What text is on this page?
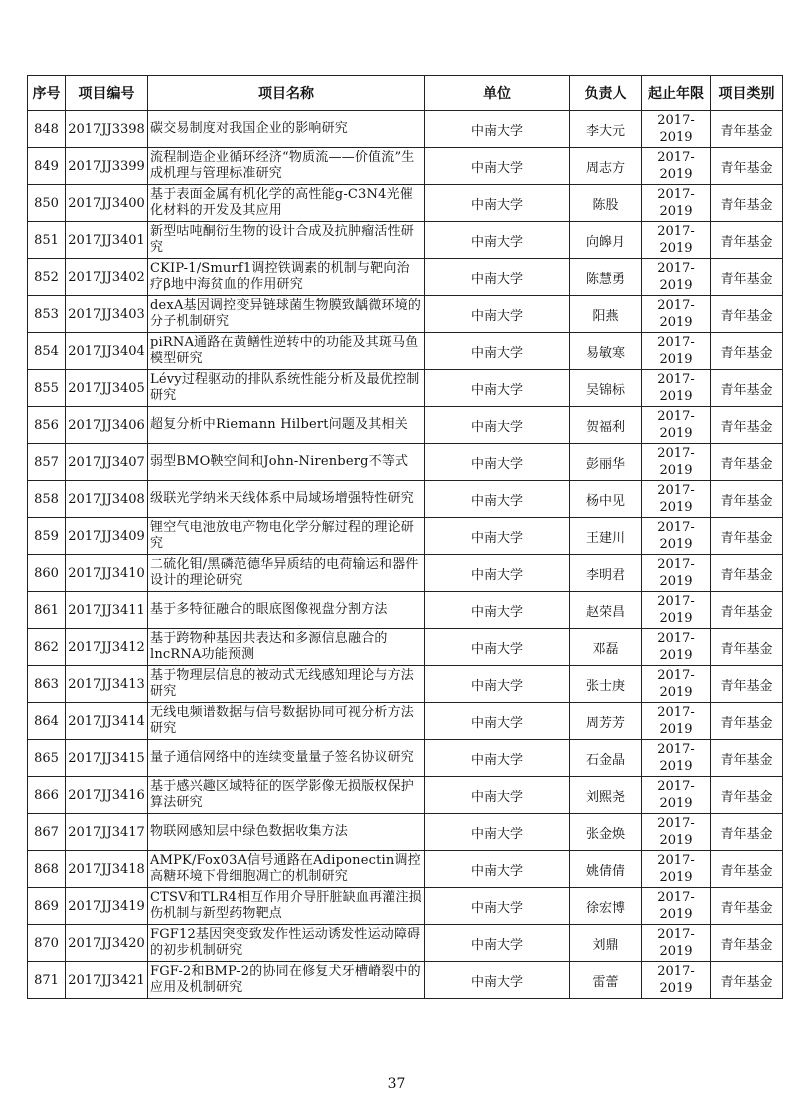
序号	项目编号	项目名称	单位	负责人	起止年限	项目类别
848	2017JJ3398	碳交易制度对我国企业的影响研究	中南大学	李大元	2017-2019	青年基金
849	2017JJ3399	流程制造企业循环经济“物质流——价值流”生成机理与管理标准研究	中南大学	周志方	2017-2019	青年基金
850	2017JJ3400	基于表面金属有机化学的高性能g-C3N4光催化材料的开发及其应用	中南大学	陈股	2017-2019	青年基金
851	2017JJ3401	新型咕吨酮衍生物的设计合成及抗肿瘤活性研究	中南大学	向皞月	2017-2019	青年基金
852	2017JJ3402	CKIP-1/Smurf1调控铁调素的机制与靶向治疗β地中海贫血的作用研究	中南大学	陈慧勇	2017-2019	青年基金
853	2017JJ3403	dexA基因调控变异链球菌生物膜致龋微环境的分子机制研究	中南大学	阳燕	2017-2019	青年基金
854	2017JJ3404	piRNA通路在黄鳝性逆转中的功能及其斑马鱼模型研究	中南大学	易敏寒	2017-2019	青年基金
855	2017JJ3405	Lévy过程驱动的排队系统性能分析及最优控制研究	中南大学	吴锦标	2017-2019	青年基金
856	2017JJ3406	超复分析中Riemann Hilbert问题及其相关	中南大学	贺福利	2017-2019	青年基金
857	2017JJ3407	弱型BMO鞅空间和John-Nirenberg不等式	中南大学	彭丽华	2017-2019	青年基金
858	2017JJ3408	级联光学纳米天线体系中局域场增强特性研究	中南大学	杨中见	2017-2019	青年基金
859	2017JJ3409	锂空气电池放电产物电化学分解过程的理论研究	中南大学	王建川	2017-2019	青年基金
860	2017JJ3410	二硫化钼/黑磷范德华异质结的电荷输运和器件设计的理论研究	中南大学	李明君	2017-2019	青年基金
861	2017JJ3411	基于多特征融合的眼底图像视盘分割方法	中南大学	赵荣昌	2017-2019	青年基金
862	2017JJ3412	基于跨物种基因共表达和多源信息融合的lncRNA功能预测	中南大学	邓磊	2017-2019	青年基金
863	2017JJ3413	基于物理层信息的被动式无线感知理论与方法研究	中南大学	张士庚	2017-2019	青年基金
864	2017JJ3414	无线电频谱数据与信号数据协同可视分析方法研究	中南大学	周芳芳	2017-2019	青年基金
865	2017JJ3415	量子通信网络中的连续变量量子签名协议研究	中南大学	石金晶	2017-2019	青年基金
866	2017JJ3416	基于感兴趣区域特征的医学影像无损版权保护算法研究	中南大学	刘熙尧	2017-2019	青年基金
867	2017JJ3417	物联网感知层中绿色数据收集方法	中南大学	张金焕	2017-2019	青年基金
868	2017JJ3418	AMPK/Fox03A信号通路在Adiponectin调控高糖环境下骨细胞凋亡的机制研究	中南大学	姚倩倩	2017-2019	青年基金
869	2017JJ3419	CTSV和TLR4相互作用介导肝脏缺血再灌注损伤机制与新型药物靶点	中南大学	徐宏博	2017-2019	青年基金
870	2017JJ3420	FGF12基因突变致发作性运动诱发性运动障碍的初步机制研究	中南大学	刘鼎	2017-2019	青年基金
871	2017JJ3421	FGF-2和BMP-2的协同在修复犬牙槽嵴裂中的应用及机制研究	中南大学	雷蕾	2017-2019	青年基金
37
